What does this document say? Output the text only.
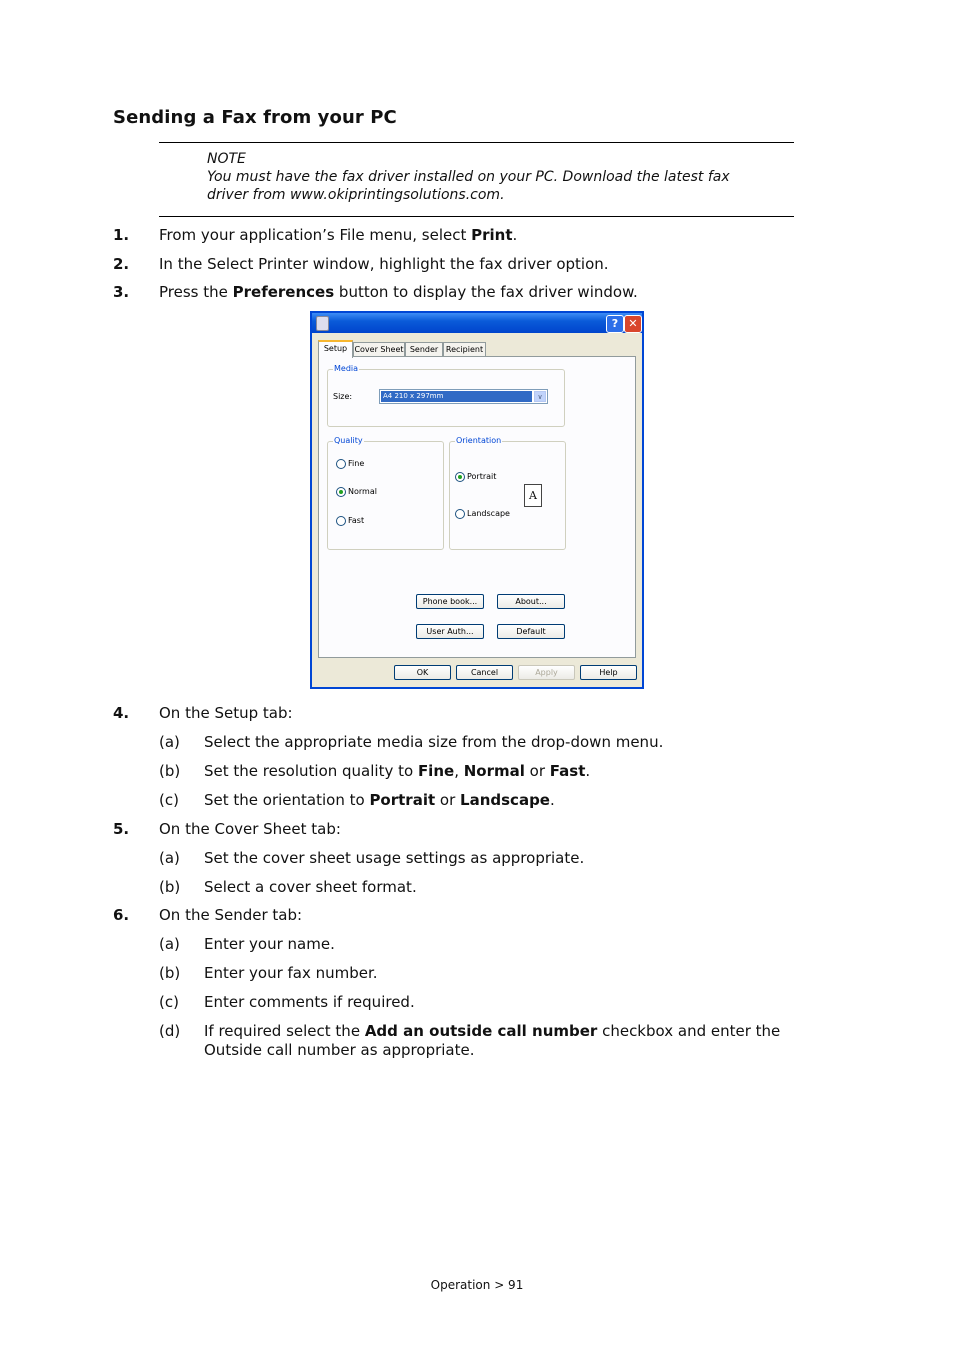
Sending a Fax from your PC
NOTE
You must have the fax driver installed on your PC. Download the latest fax driver from www.okiprintingsolutions.com.
1. From your application’s File menu, select Print.
2. In the Select Printer window, highlight the fax driver option.
3. Press the Preferences button to display the fax driver window.
? ✕
Setup Cover Sheet Sender Recipient
Media
Size:	A4 210 x 297mm	∨
Quality
Fine
Normal
Fast
Orientation
Portrait
Landscape
A
Phone book...	About...
User Auth...	Default
OK	Cancel	Apply	Help
4. On the Setup tab:
(a) Select the appropriate media size from the drop-down menu.
(b) Set the resolution quality to Fine, Normal or Fast.
(c) Set the orientation to Portrait or Landscape.
5. On the Cover Sheet tab:
(a) Set the cover sheet usage settings as appropriate.
(b) Select a cover sheet format.
6. On the Sender tab:
(a) Enter your name.
(b) Enter your fax number.
(c) Enter comments if required.
(d) If required select the Add an outside call number checkbox and enter the Outside call number as appropriate.
Operation > 91
